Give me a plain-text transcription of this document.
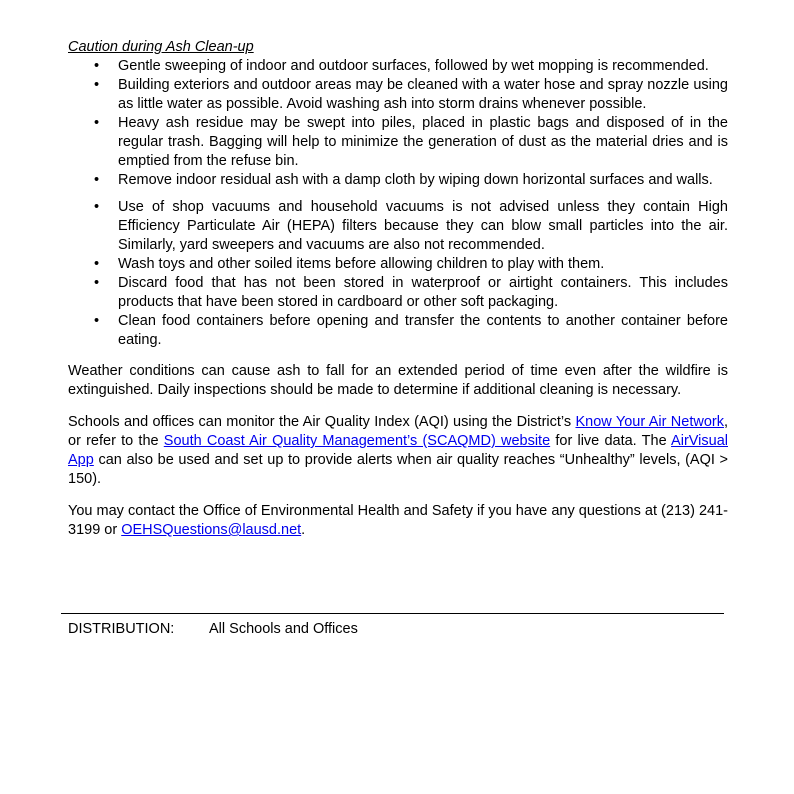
Caution during Ash Clean-up

• Gentle sweeping of indoor and outdoor surfaces, followed by wet mopping is recommended.
• Building exteriors and outdoor areas may be cleaned with a water hose and spray nozzle using as little water as possible. Avoid washing ash into storm drains whenever possible.
• Heavy ash residue may be swept into piles, placed in plastic bags and disposed of in the regular trash. Bagging will help to minimize the generation of dust as the material dries and is emptied from the refuse bin.
• Remove indoor residual ash with a damp cloth by wiping down horizontal surfaces and walls.
• Use of shop vacuums and household vacuums is not advised unless they contain High Efficiency Particulate Air (HEPA) filters because they can blow small particles into the air. Similarly, yard sweepers and vacuums are also not recommended.
• Wash toys and other soiled items before allowing children to play with them.
• Discard food that has not been stored in waterproof or airtight containers. This includes products that have been stored in cardboard or other soft packaging.
• Clean food containers before opening and transfer the contents to another container before eating.

Weather conditions can cause ash to fall for an extended period of time even after the wildfire is extinguished. Daily inspections should be made to determine if additional cleaning is necessary.

Schools and offices can monitor the Air Quality Index (AQI) using the District’s Know Your Air Network, or refer to the South Coast Air Quality Management’s (SCAQMD) website for live data. The AirVisual App can also be used and set up to provide alerts when air quality reaches “Unhealthy” levels, (AQI > 150).

You may contact the Office of Environmental Health and Safety if you have any questions at (213) 241-3199 or OEHSQuestions@lausd.net.

DISTRIBUTION: All Schools and Offices
